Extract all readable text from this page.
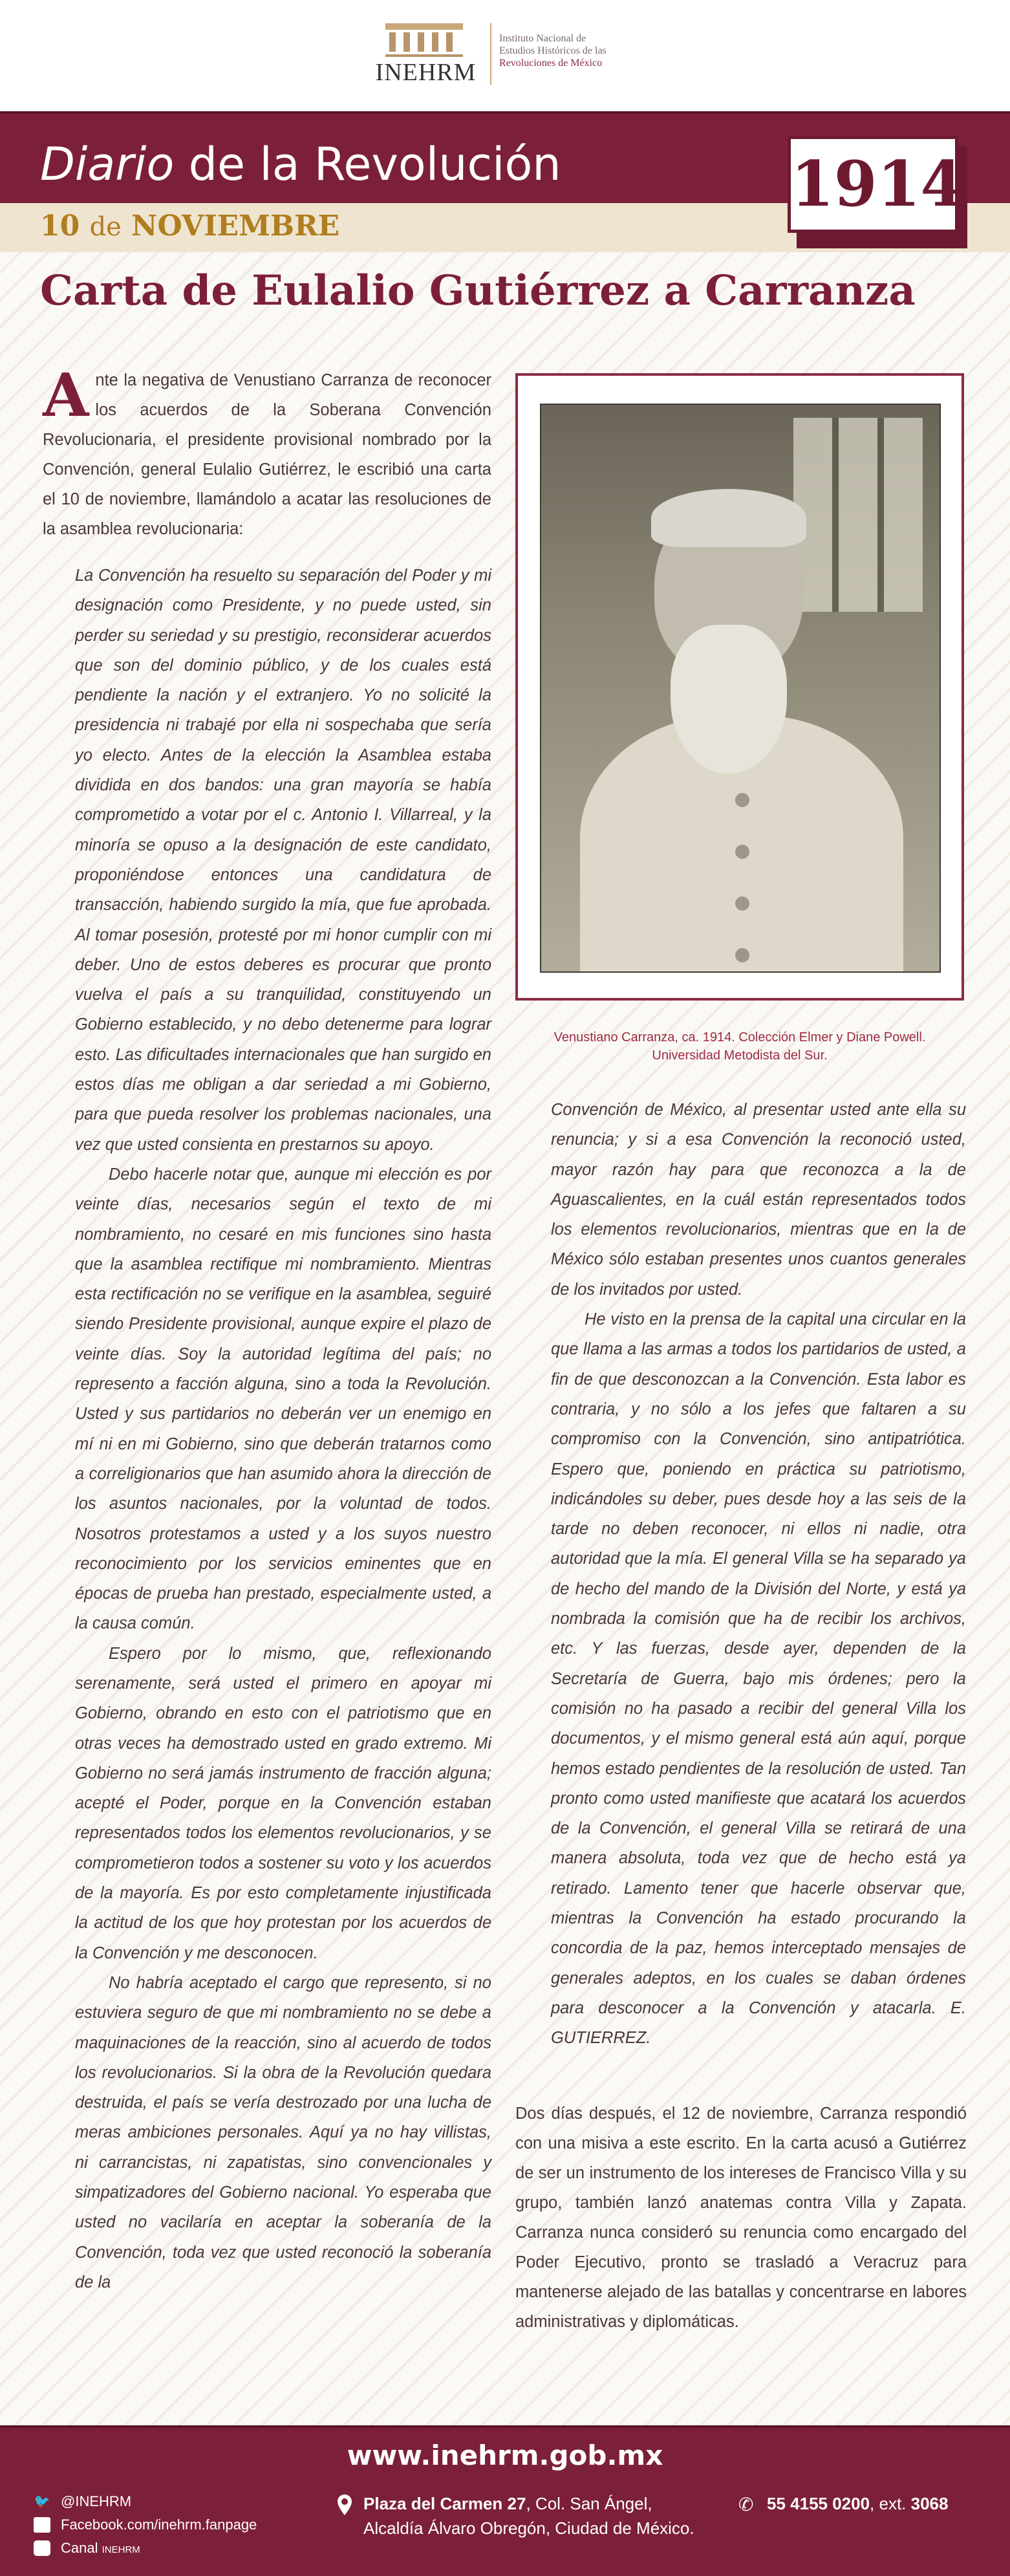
INEHRM
Instituto Nacional de
Estudios Históricos de las
Revoluciones de México
Diario de la Revolución
10 de NOVIEMBRE
1914
Carta de Eulalio Gutiérrez a Carranza

Ante la negativa de Venustiano Carranza de reconocer los acuerdos de la Soberana Convención Revolucionaria, el presidente provisional nombrado por la Convención, general Eulalio Gutiérrez, le escribió una carta el 10 de noviembre, llamándolo a acatar las resoluciones de la asamblea revolucionaria:

La Convención ha resuelto su separación del Poder y mi designación como Presidente, y no puede usted, sin perder su seriedad y su prestigio, reconsiderar acuerdos que son del dominio público, y de los cuales está pendiente la nación y el extranjero. Yo no solicité la presidencia ni trabajé por ella ni sospechaba que sería yo electo. Antes de la elección la Asamblea estaba dividida en dos bandos: una gran mayoría se había comprometido a votar por el c. Antonio I. Villarreal, y la minoría se opuso a la designación de este candidato, proponiéndose entonces una candidatura de transacción, habiendo surgido la mía, que fue aprobada. Al tomar posesión, protesté por mi honor cumplir con mi deber. Uno de estos deberes es procurar que pronto vuelva el país a su tranquilidad, constituyendo un Gobierno establecido, y no debo detenerme para lograr esto. Las dificultades internacionales que han surgido en estos días me obligan a dar seriedad a mi Gobierno, para que pueda resolver los problemas nacionales, una vez que usted consienta en prestarnos su apoyo.

Debo hacerle notar que, aunque mi elección es por veinte días, necesarios según el texto de mi nombramiento, no cesaré en mis funciones sino hasta que la asamblea rectifique mi nombramiento. Mientras esta rectificación no se verifique en la asamblea, seguiré siendo Presidente provisional, aunque expire el plazo de veinte días. Soy la autoridad legítima del país; no represento a facción alguna, sino a toda la Revolución. Usted y sus partidarios no deberán ver un enemigo en mí ni en mi Gobierno, sino que deberán tratarnos como a correligionarios que han asumido ahora la dirección de los asuntos nacionales, por la voluntad de todos. Nosotros protestamos a usted y a los suyos nuestro reconocimiento por los servicios eminentes que en épocas de prueba han prestado, especialmente usted, a la causa común.

Espero por lo mismo, que, reflexionando serenamente, será usted el primero en apoyar mi Gobierno, obrando en esto con el patriotismo que en otras veces ha demostrado usted en grado extremo. Mi Gobierno no será jamás instrumento de fracción alguna; acepté el Poder, porque en la Convención estaban representados todos los elementos revolucionarios, y se comprometieron todos a sostener su voto y los acuerdos de la mayoría. Es por esto completamente injustificada la actitud de los que hoy protestan por los acuerdos de la Convención y me desconocen.

No habría aceptado el cargo que represento, si no estuviera seguro de que mi nombramiento no se debe a maquinaciones de la reacción, sino al acuerdo de todos los revolucionarios. Si la obra de la Revolución quedara destruida, el país se vería destrozado por una lucha de meras ambiciones personales. Aquí ya no hay villistas, ni carrancistas, ni zapatistas, sino convencionales y simpatizadores del Gobierno nacional. Yo esperaba que usted no vacilaría en aceptar la soberanía de la Convención, toda vez que usted reconoció la soberanía de la

Venustiano Carranza, ca. 1914. Colección Elmer y Diane Powell.
Universidad Metodista del Sur.

Convención de México, al presentar usted ante ella su renuncia; y si a esa Convención la reconoció usted, mayor razón hay para que reconozca a la de Aguascalientes, en la cuál están representados todos los elementos revolucionarios, mientras que en la de México sólo estaban presentes unos cuantos generales de los invitados por usted.

He visto en la prensa de la capital una circular en la que llama a las armas a todos los partidarios de usted, a fin de que desconozcan a la Convención. Esta labor es contraria, y no sólo a los jefes que faltaren a su compromiso con la Convención, sino antipatriótica. Espero que, poniendo en práctica su patriotismo, indicándoles su deber, pues desde hoy a las seis de la tarde no deben reconocer, ni ellos ni nadie, otra autoridad que la mía. El general Villa se ha separado ya de hecho del mando de la División del Norte, y está ya nombrada la comisión que ha de recibir los archivos, etc. Y las fuerzas, desde ayer, dependen de la Secretaría de Guerra, bajo mis órdenes; pero la comisión no ha pasado a recibir del general Villa los documentos, y el mismo general está aún aquí, porque hemos estado pendientes de la resolución de usted. Tan pronto como usted manifieste que acatará los acuerdos de la Convención, el general Villa se retirará de una manera absoluta, toda vez que de hecho está ya retirado. Lamento tener que hacerle observar que, mientras la Convención ha estado procurando la concordia de la paz, hemos interceptado mensajes de generales adeptos, en los cuales se daban órdenes para desconocer a la Convención y atacarla. E. GUTIERREZ.

Dos días después, el 12 de noviembre, Carranza respondió con una misiva a este escrito. En la carta acusó a Gutiérrez de ser un instrumento de los intereses de Francisco Villa y su grupo, también lanzó anatemas contra Villa y Zapata. Carranza nunca consideró su renuncia como encargado del Poder Ejecutivo, pronto se trasladó a Veracruz para mantenerse alejado de las batallas y concentrarse en labores administrativas y diplomáticas.

www.inehrm.gob.mx
🐦 @INEHRM
f	Facebook.com/inehrm.fanpage
▶ Canal INEHRM
Plaza del Carmen 27, Col. San Ángel,
Alcaldía Álvaro Obregón, Ciudad de México.
✆ 55 4155 0200, ext. 3068
